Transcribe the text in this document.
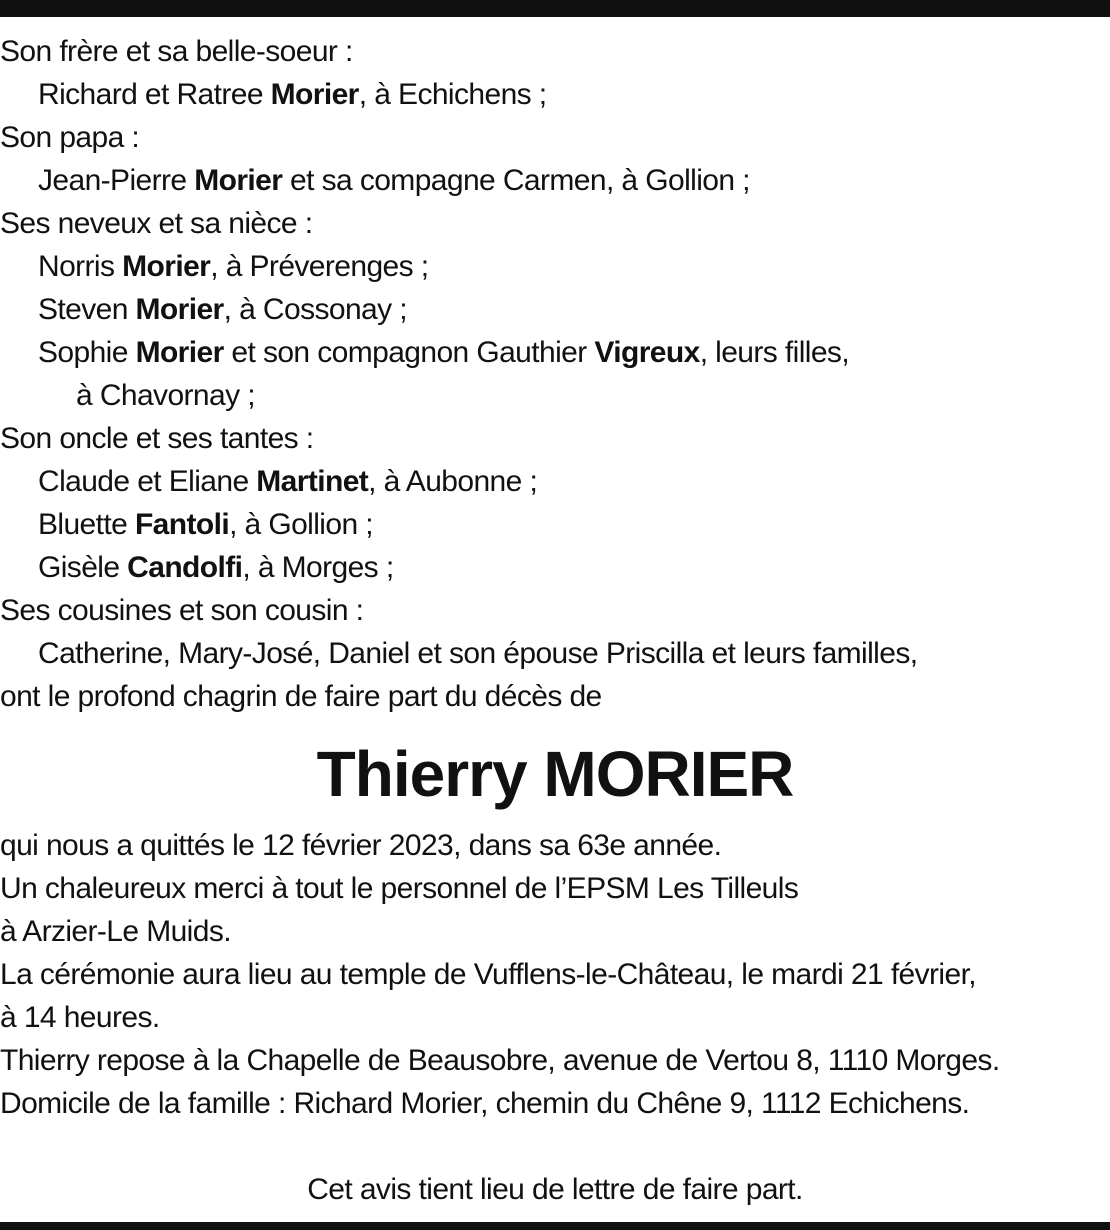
Son frère et sa belle-soeur :
Richard et Ratree Morier, à Echichens ;
Son papa :
Jean-Pierre Morier et sa compagne Carmen, à Gollion ;
Ses neveux et sa nièce :
Norris Morier, à Préverenges ;
Steven Morier, à Cossonay ;
Sophie Morier et son compagnon Gauthier Vigreux, leurs filles,
à Chavornay ;
Son oncle et ses tantes :
Claude et Eliane Martinet, à Aubonne ;
Bluette Fantoli, à Gollion ;
Gisèle Candolfi, à Morges ;
Ses cousines et son cousin :
Catherine, Mary-José, Daniel et son épouse Priscilla et leurs familles,
ont le profond chagrin de faire part du décès de
Thierry MORIER
qui nous a quittés le 12 février 2023, dans sa 63e année.
Un chaleureux merci à tout le personnel de l’EPSM Les Tilleuls
à Arzier-Le Muids.
La cérémonie aura lieu au temple de Vufflens-le-Château, le mardi 21 février,
à 14 heures.
Thierry repose à la Chapelle de Beausobre, avenue de Vertou 8, 1110 Morges.
Domicile de la famille : Richard Morier, chemin du Chêne 9, 1112 Echichens.
Cet avis tient lieu de lettre de faire part.
